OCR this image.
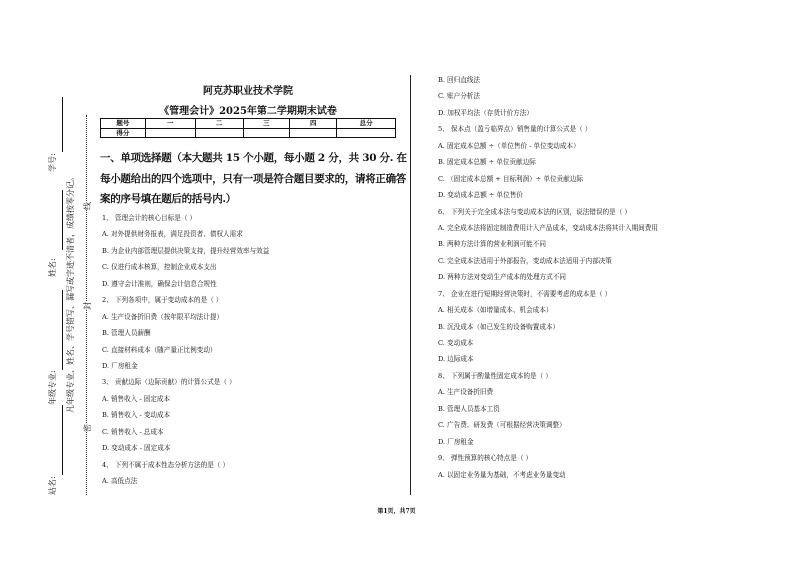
学号:
姓名:
年级专业:
站名:
凡年级专业、姓名、学号错写、漏写或字迹不清者，成绩按零分记。 线
封
密
阿克苏职业技术学院
《管理会计》2025年第二学期期末试卷
题号	一	二	三	四	总分
得分					
一、单项选择题（本大题共 15 个小题，每小题 2 分，共 30 分. 在
每小题给出的四个选项中，只有一项是符合题目要求的，请将正确答
案的序号填在题后的括号内.）
1、 管理会计的核心目标是（ ）
A. 对外提供财务报表，满足投资者、债权人需求
B. 为企业内部管理层提供决策支持，提升经营效率与效益
C. 仅进行成本核算，控制企业成本支出
D. 遵守会计准则，确保会计信息合规性
2、 下列各项中，属于变动成本的是（ ）
A. 生产设备折旧费（按年限平均法计提）
B. 管理人员薪酬
C. 直接材料成本（随产量正比例变动）
D. 厂房租金
3、 贡献边际（边际贡献）的计算公式是（ ）
A. 销售收入 - 固定成本
B. 销售收入 - 变动成本
C. 销售收入 - 总成本
D. 变动成本 - 固定成本
4、 下列不属于成本性态分析方法的是（ ）
A. 高低点法
B. 回归直线法
C. 账户分析法
D. 加权平均法（存货计价方法）
5、 保本点（盈亏临界点）销售量的计算公式是（ ）
A. 固定成本总额 ÷（单位售价 - 单位变动成本）
B. 固定成本总额 ÷ 单位贡献边际
C. （固定成本总额 + 目标利润）÷ 单位贡献边际
D. 变动成本总额 ÷ 单位售价
6、 下列关于完全成本法与变动成本法的区别，说法错误的是（ ）
A. 完全成本法将固定制造费用计入产品成本，变动成本法将其计入期间费用
B. 两种方法计算的营业利润可能不同
C. 完全成本法适用于外部报告，变动成本法适用于内部决策
D. 两种方法对变动生产成本的处理方式不同
7、 企业在进行短期经营决策时，不需要考虑的成本是（ ）
A. 相关成本（如增量成本、机会成本）
B. 沉没成本（如已发生的设备购置成本）
C. 变动成本
D. 边际成本
8、 下列属于酌量性固定成本的是（ ）
A. 生产设备折旧费
B. 管理人员基本工资
C. 广告费、研发费（可根据经营决策调整）
D. 厂房租金
9、 弹性预算的核心特点是（ ）
A. 以固定业务量为基础，不考虑业务量变动
第1页，共7页
